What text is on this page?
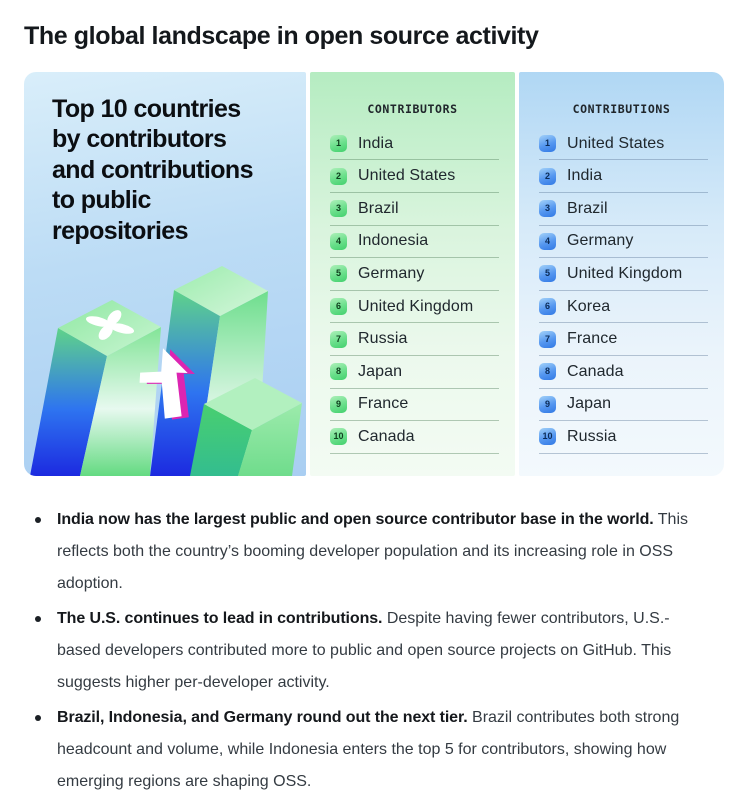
The global landscape in open source activity
Top 10 countries
by contributors
and contributions
to public
repositories
CONTRIBUTORS
1	India
2	United States
3	Brazil
4	Indonesia
5	Germany
6	United Kingdom
7	Russia
8	Japan
9	France
10 Canada
CONTRIBUTIONS
1	United States
2	India
3	Brazil
4	Germany
5	United Kingdom
6	Korea
7	France
8	Canada
9	Japan
10 Russia
India now has the largest public and open source contributor base in the world. This reflects both the country’s booming developer population and its increasing role in OSS adoption.
The U.S. continues to lead in contributions. Despite having fewer contributors, U.S.-based developers contributed more to public and open source projects on GitHub. This suggests higher per-developer activity.
Brazil, Indonesia, and Germany round out the next tier. Brazil contributes both strong headcount and volume, while Indonesia enters the top 5 for contributors, showing how emerging regions are shaping OSS.
